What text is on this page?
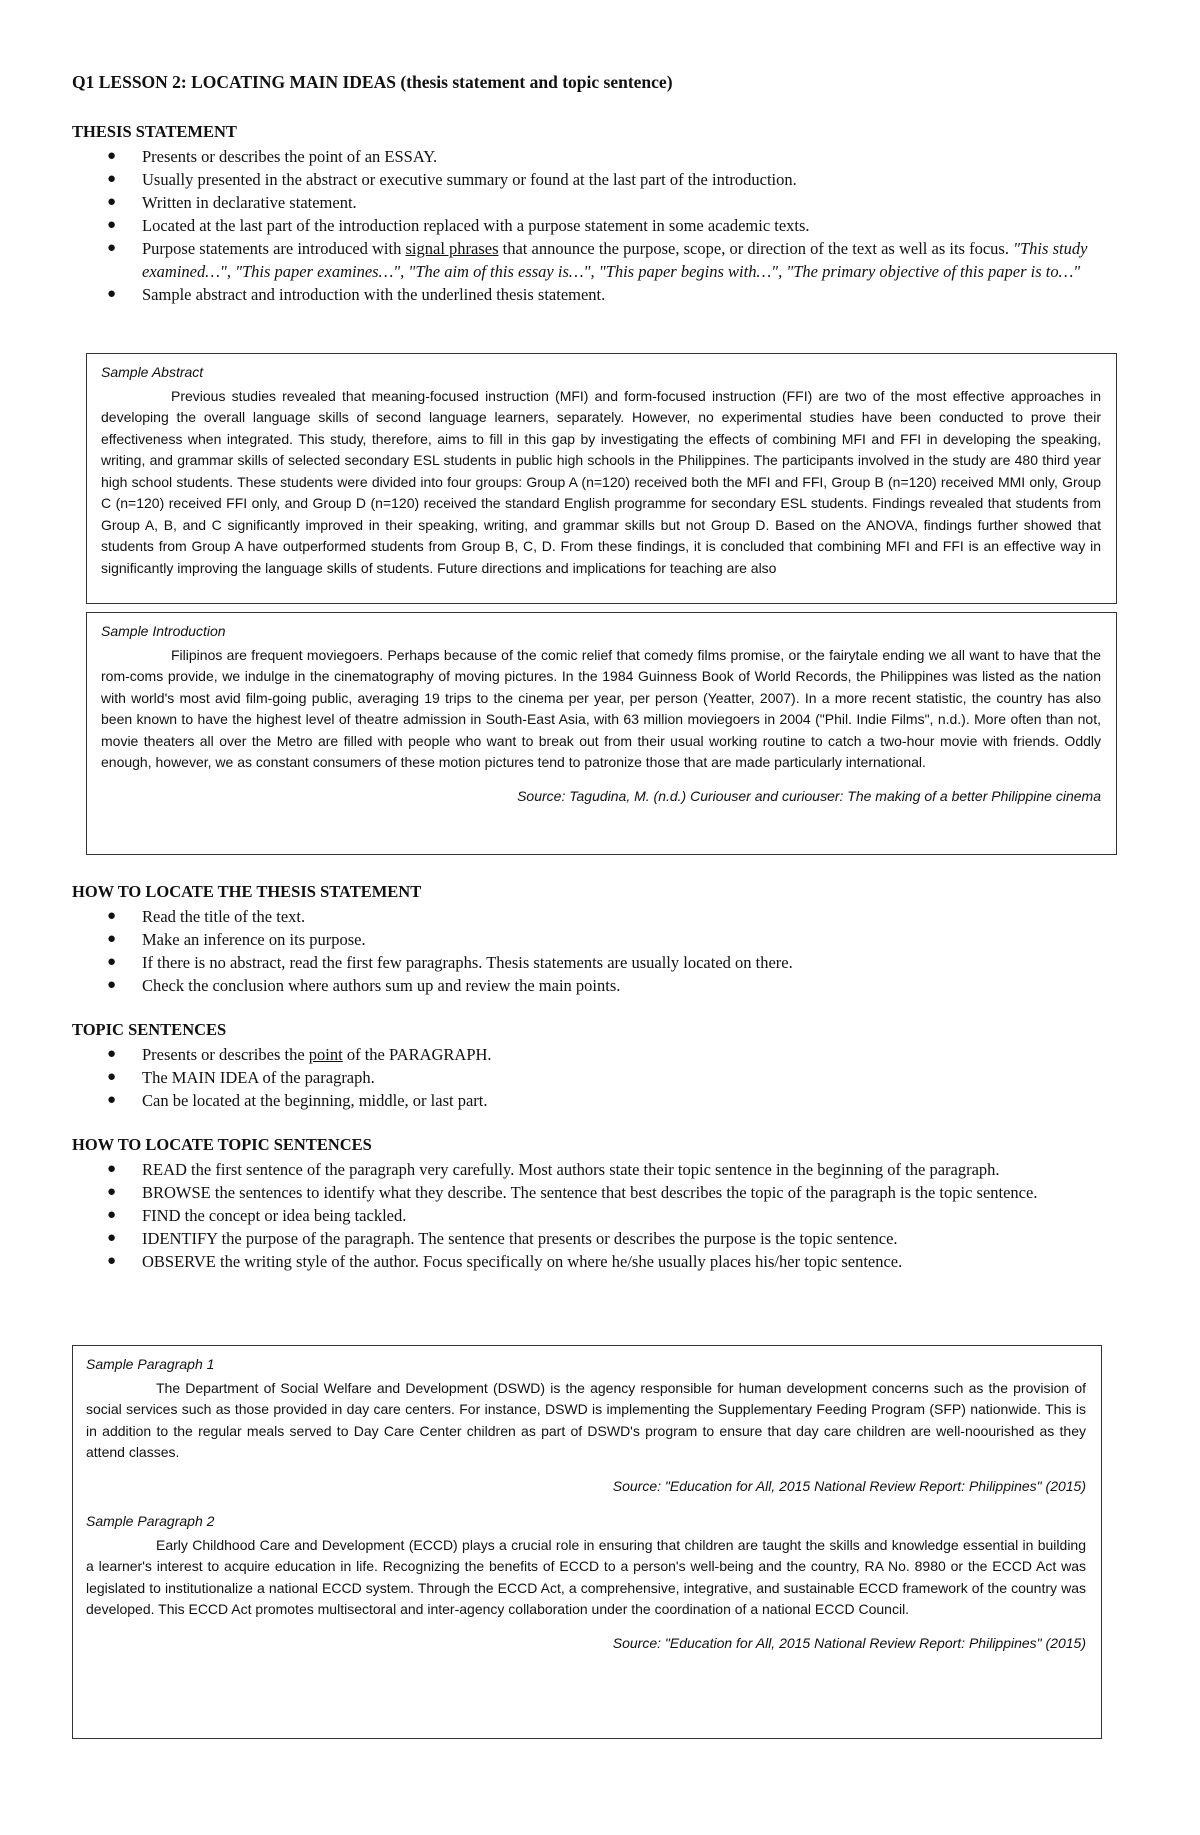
Q1 LESSON 2: LOCATING MAIN IDEAS (thesis statement and topic sentence)
THESIS STATEMENT
● Presents or describes the point of an ESSAY.
● Usually presented in the abstract or executive summary or found at the last part of the introduction.
● Written in declarative statement.
● Located at the last part of the introduction replaced with a purpose statement in some academic texts.
● Purpose statements are introduced with signal phrases that announce the purpose, scope, or direction of the text as well as its focus. "This study examined…", "This paper examines…", "The aim of this essay is…", "This paper begins with…", "The primary objective of this paper is to…"
● Sample abstract and introduction with the underlined thesis statement.
Sample Abstract

Previous studies revealed that meaning-focused instruction (MFI) and form-focused instruction (FFI) are two of the most effective approaches in developing the overall language skills of second language learners, separately. However, no experimental studies have been conducted to prove their effectiveness when integrated. This study, therefore, aims to fill in this gap by investigating the effects of combining MFI and FFI in developing the speaking, writing, and grammar skills of selected secondary ESL students in public high schools in the Philippines. The participants involved in the study are 480 third year high school students. These students were divided into four groups: Group A (n=120) received both the MFI and FFI, Group B (n=120) received MMI only, Group C (n=120) received FFI only, and Group D (n=120) received the standard English programme for secondary ESL students. Findings revealed that students from Group A, B, and C significantly improved in their speaking, writing, and grammar skills but not Group D. Based on the ANOVA, findings further showed that students from Group A have outperformed students from Group B, C, D. From these findings, it is concluded that combining MFI and FFI is an effective way in significantly improving the language skills of students. Future directions and implications for teaching are also

Sample Introduction

Filipinos are frequent moviegoers. Perhaps because of the comic relief that comedy films promise, or the fairytale ending we all want to have that the rom-coms provide, we indulge in the cinematography of moving pictures. In the 1984 Guinness Book of World Records, the Philippines was listed as the nation with world's most avid film-going public, averaging 19 trips to the cinema per year, per person (Yeatter, 2007). In a more recent statistic, the country has also been known to have the highest level of theatre admission in South-East Asia, with 63 million moviegoers in 2004 ("Phil. Indie Films", n.d.). More often than not, movie theaters all over the Metro are filled with people who want to break out from their usual working routine to catch a two-hour movie with friends. Oddly enough, however, we as constant consumers of these motion pictures tend to patronize those that are made particularly international.

Source: Tagudina, M. (n.d.) Curiouser and curiouser: The making of a better Philippine cinema
HOW TO LOCATE THE THESIS STATEMENT
● Read the title of the text.
● Make an inference on its purpose.
● If there is no abstract, read the first few paragraphs. Thesis statements are usually located on there.
● Check the conclusion where authors sum up and review the main points.
TOPIC SENTENCES
● Presents or describes the point of the PARAGRAPH.
● The MAIN IDEA of the paragraph.
● Can be located at the beginning, middle, or last part.
HOW TO LOCATE TOPIC SENTENCES
● READ the first sentence of the paragraph very carefully. Most authors state their topic sentence in the beginning of the paragraph.
● BROWSE the sentences to identify what they describe. The sentence that best describes the topic of the paragraph is the topic sentence.
● FIND the concept or idea being tackled.
● IDENTIFY the purpose of the paragraph. The sentence that presents or describes the purpose is the topic sentence.
● OBSERVE the writing style of the author. Focus specifically on where he/she usually places his/her topic sentence.
Sample Paragraph 1

The Department of Social Welfare and Development (DSWD) is the agency responsible for human development concerns such as the provision of social services such as those provided in day care centers. For instance, DSWD is implementing the Supplementary Feeding Program (SFP) nationwide. This is in addition to the regular meals served to Day Care Center children as part of DSWD's program to ensure that day care children are well-noourished as they attend classes.

Source: "Education for All, 2015 National Review Report: Philippines" (2015)
Sample Paragraph 2

Early Childhood Care and Development (ECCD) plays a crucial role in ensuring that children are taught the skills and knowledge essential in building a learner's interest to acquire education in life. Recognizing the benefits of ECCD to a person's well-being and the country, RA No. 8980 or the ECCD Act was legislated to institutionalize a national ECCD system. Through the ECCD Act, a comprehensive, integrative, and sustainable ECCD framework of the country was developed. This ECCD Act promotes multisectoral and inter-agency collaboration under the coordination of a national ECCD Council.

Source: "Education for All, 2015 National Review Report: Philippines" (2015)
